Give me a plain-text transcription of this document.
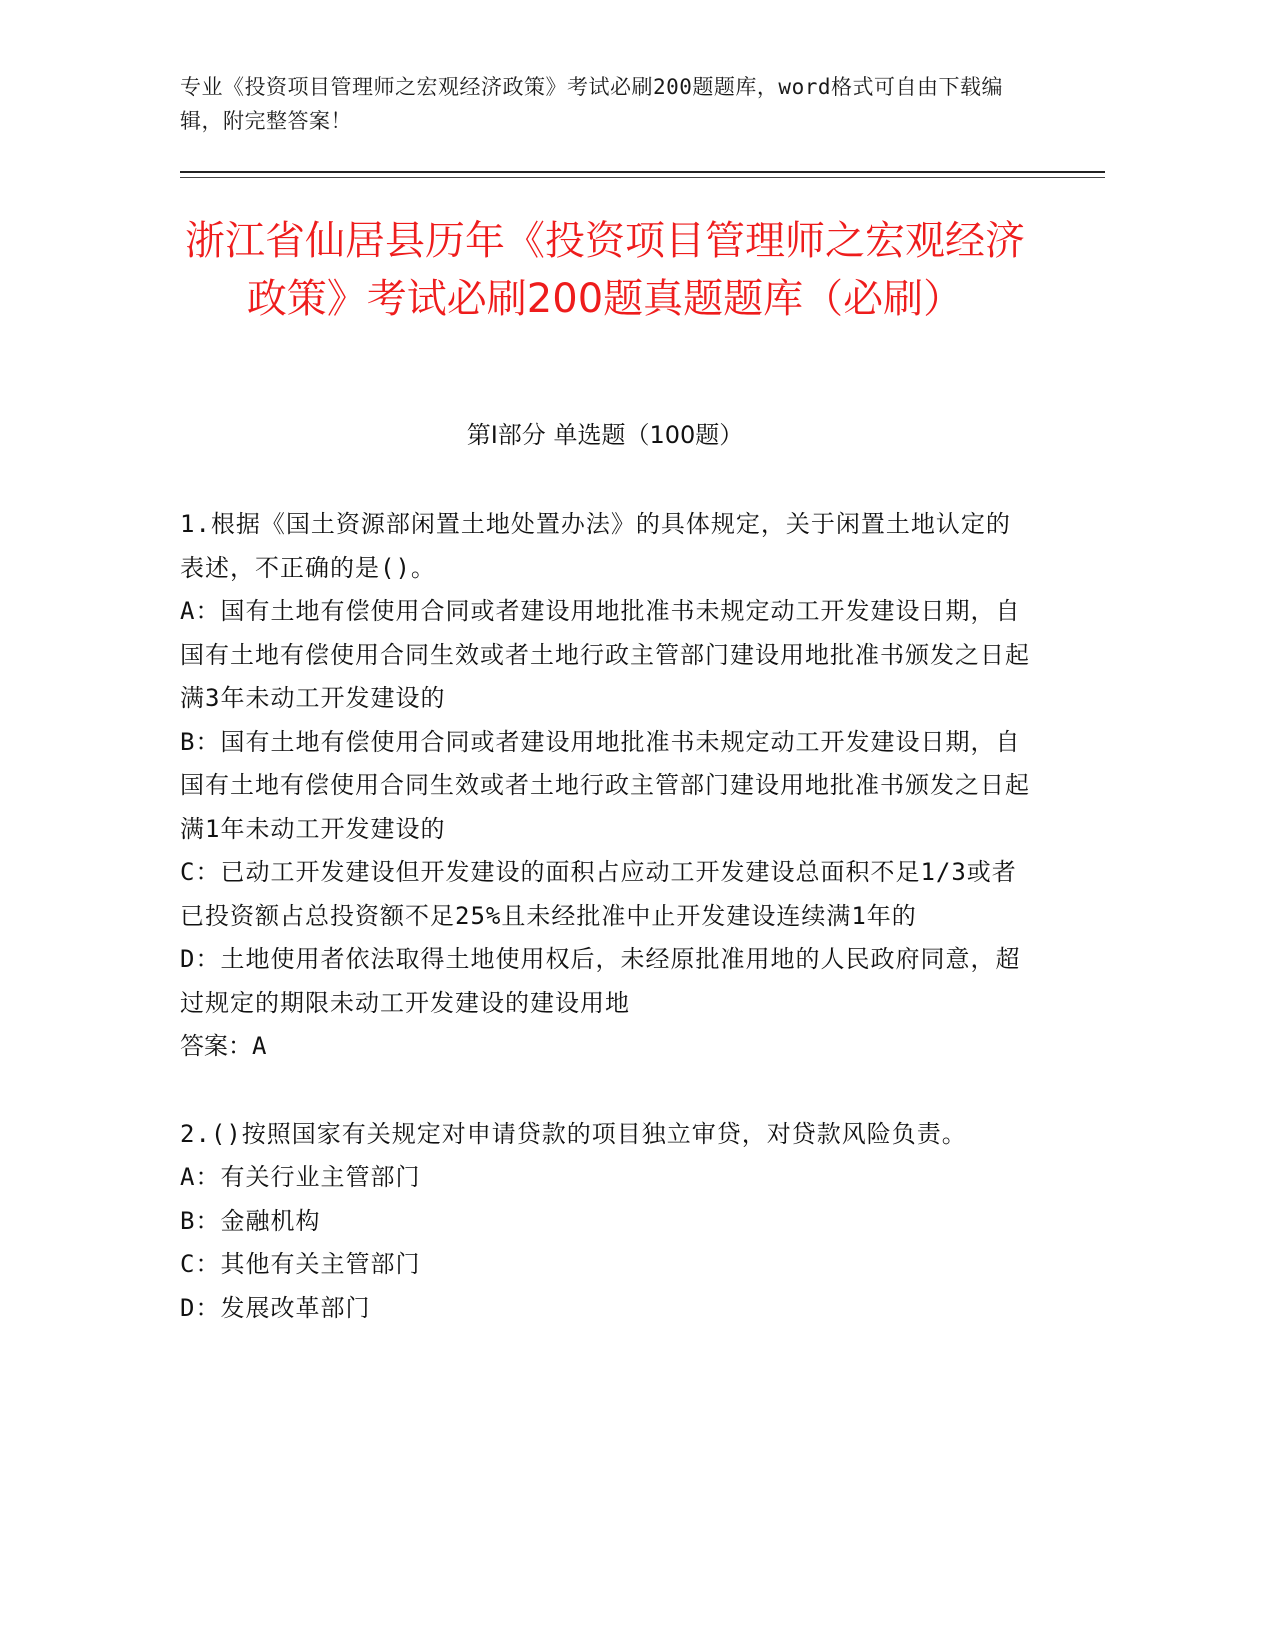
专业《投资项目管理师之宏观经济政策》考试必刷200题题库，word格式可自由下载编辑，附完整答案！
浙江省仙居县历年《投资项目管理师之宏观经济政策》考试必刷200题真题题库（必刷）
第Ⅰ部分 单选题（100题）

1.根据《国土资源部闲置土地处置办法》的具体规定，关于闲置土地认定的表述，不正确的是()。

A：国有土地有偿使用合同或者建设用地批准书未规定动工开发建设日期，自国有土地有偿使用合同生效或者土地行政主管部门建设用地批准书颁发之日起满3年未动工开发建设的

B：国有土地有偿使用合同或者建设用地批准书未规定动工开发建设日期，自国有土地有偿使用合同生效或者土地行政主管部门建设用地批准书颁发之日起满1年未动工开发建设的

C：已动工开发建设但开发建设的面积占应动工开发建设总面积不足1/3或者已投资额占总投资额不足25%且未经批准中止开发建设连续满1年的

D：土地使用者依法取得土地使用权后，未经原批准用地的人民政府同意，超过规定的期限未动工开发建设的建设用地

答案：A

2.()按照国家有关规定对申请贷款的项目独立审贷，对贷款风险负责。

A：有关行业主管部门

B：金融机构

C：其他有关主管部门

D：发展改革部门
